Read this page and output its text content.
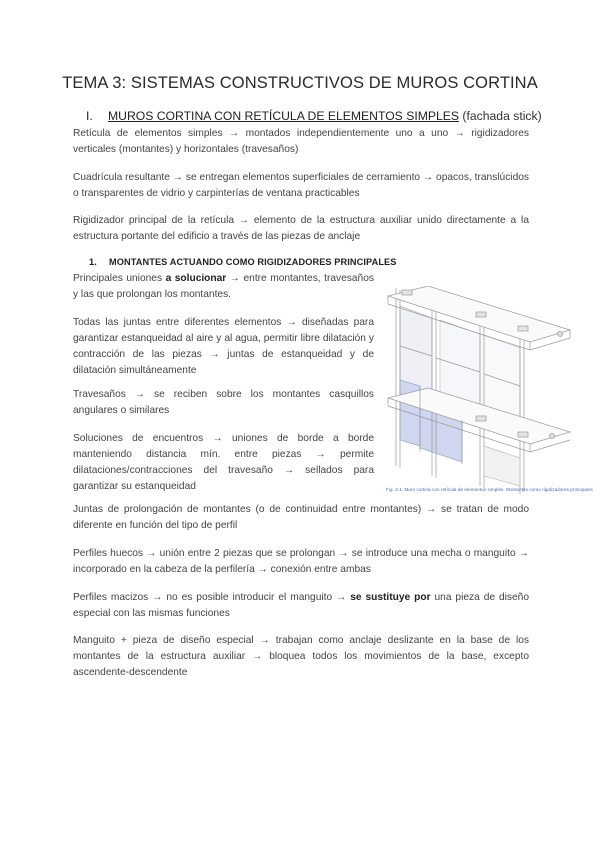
TEMA 3: SISTEMAS CONSTRUCTIVOS DE MUROS CORTINA
I. MUROS CORTINA CON RETÍCULA DE ELEMENTOS SIMPLES (fachada stick)
Retícula de elementos simples → montados independientemente uno a uno → rigidizadores verticales (montantes) y horizontales (travesaños)
Cuadrícula resultante → se entregan elementos superficiales de cerramiento → opacos, translúcidos o transparentes de vidrio y carpinterías de ventana practicables
Rigidizador principal de la retícula → elemento de la estructura auxiliar unido directamente a la estructura portante del edificio a través de las piezas de anclaje
1. MONTANTES ACTUANDO COMO RIGIDIZADORES PRINCIPALES
Principales uniones a solucionar → entre montantes, travesaños y las que prolongan los montantes.
Todas las juntas entre diferentes elementos → diseñadas para garantizar estanqueidad al aire y al agua, permitir libre dilatación y contracción de las piezas → juntas de estanqueidad y de dilatación simultáneamente
Travesaños → se reciben sobre los montantes casquillos angulares o similares
Soluciones de encuentros → uniones de borde a borde manteniendo distancia mín. entre piezas → permite dilataciones/contracciones del travesaño → sellados para garantizar su estanqueidad	Fig. 3.1. Muro cortina con retícula de elementos simples. Montantes como rigidizadores principales
Juntas de prolongación de montantes (o de continuidad entre montantes) → se tratan de modo diferente en función del tipo de perfil
Perfiles huecos → unión entre 2 piezas que se prolongan → se introduce una mecha o manguito → incorporado en la cabeza de la perfilería → conexión entre ambas
Perfiles macizos → no es posible introducir el manguito → se sustituye por una pieza de diseño especial con las mismas funciones
Manguito + pieza de diseño especial → trabajan como anclaje deslizante en la base de los montantes de la estructura auxiliar → bloquea todos los movimientos de la base, excepto ascendente-descendente
